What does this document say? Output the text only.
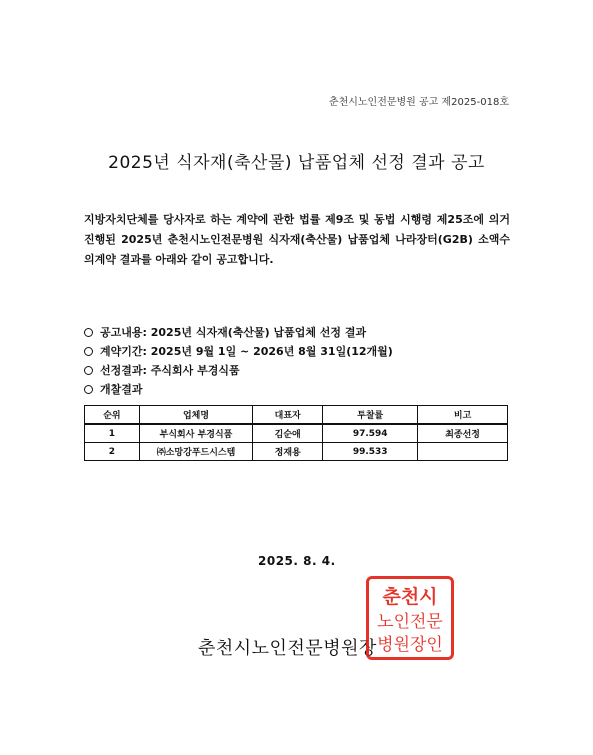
춘천시노인전문병원 공고 제2025-018호
2025년 식자재(축산물) 납품업체 선정 결과 공고
지방자치단체를 당사자로 하는 계약에 관한 법률 제9조 및 동법 시행령 제25조에 의거 진행된 2025년 춘천시노인전문병원 식자재(축산물) 납품업체 나라장터(G2B) 소액수의계약 결과를 아래와 같이 공고합니다.
공고내용 : 2025년 식자재(축산물) 납품업체 선정 결과
계약기간 : 2025년 9월 1일 ~ 2026년 8월 31일(12개월)
선정결과 : 주식회사 부경식품
개찰결과
순위	업체명	대표자	투찰률	비고
1	부식회사 부경식품	김순애	97.594	최종선정
2	㈜소망강푸드시스템	정재용	99.533	
2025. 8. 4.
춘천시노인전문병원장
춘천시
노인전문
병원장인
